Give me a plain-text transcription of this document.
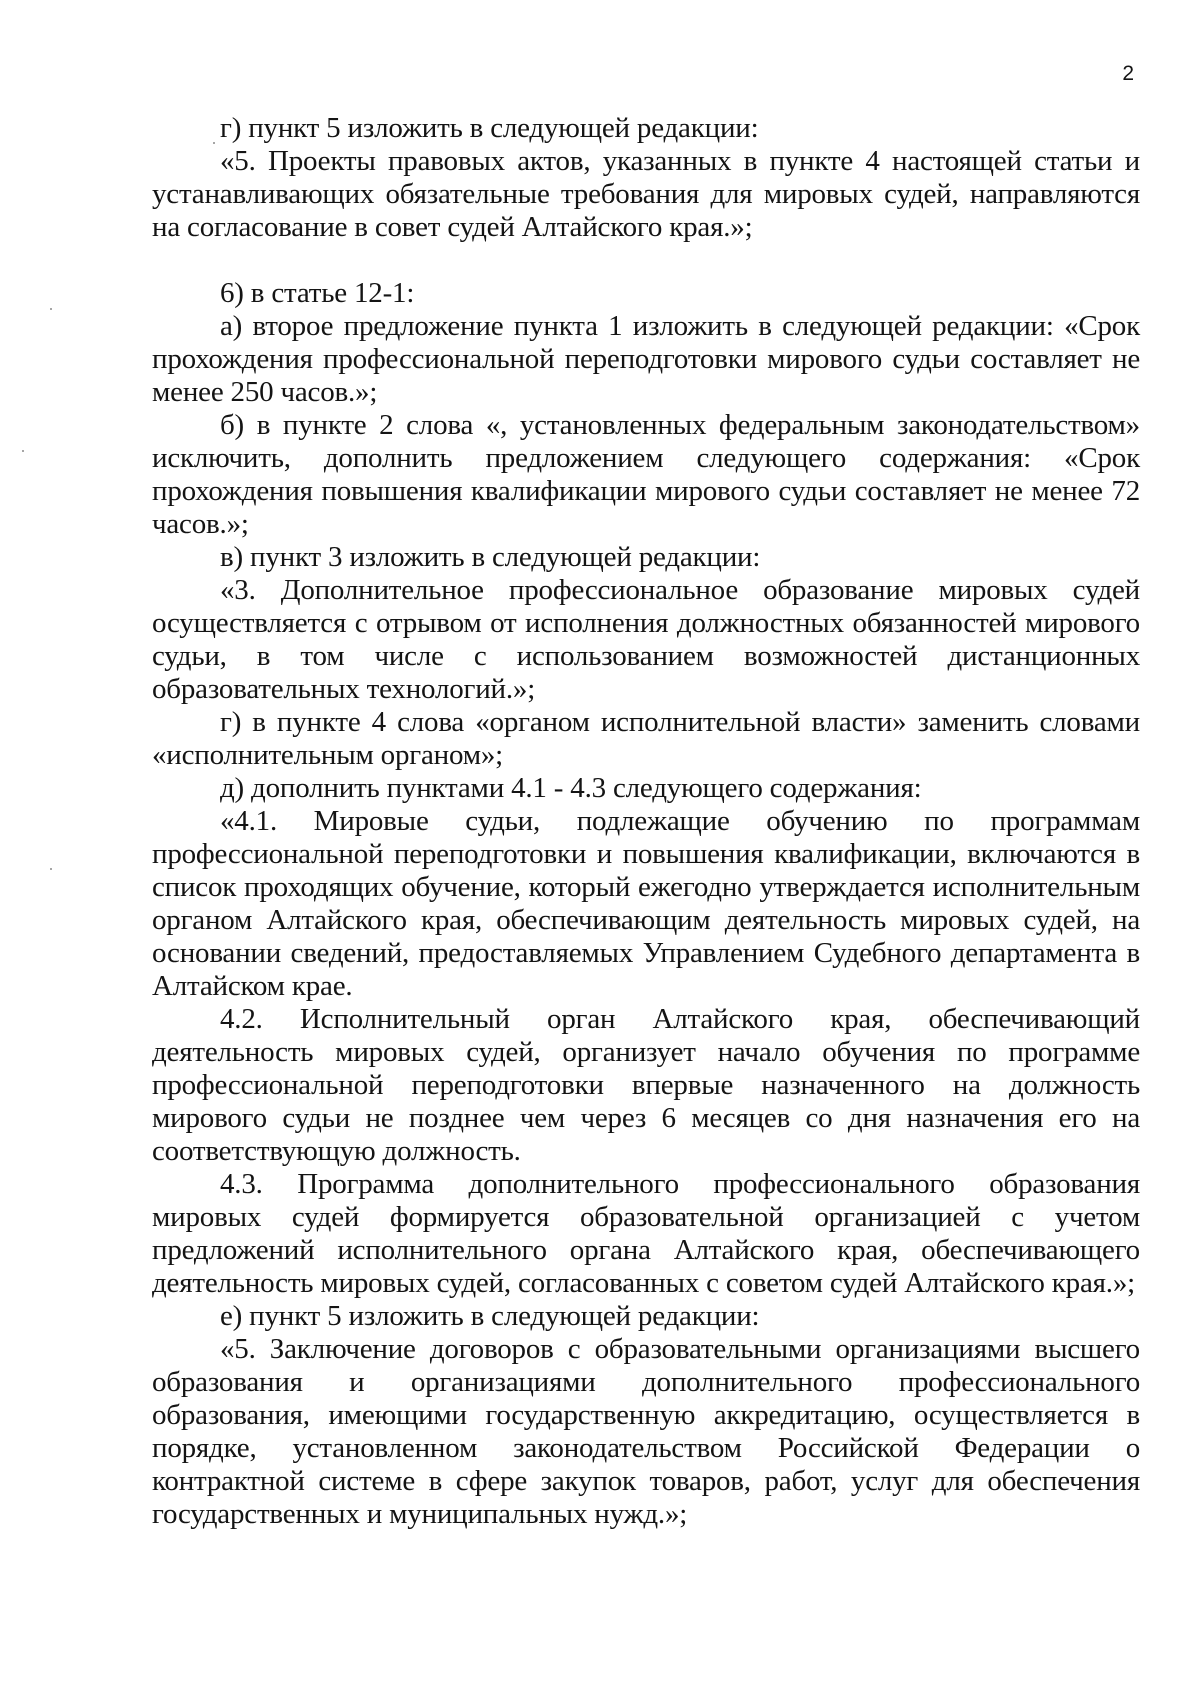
2

г) пункт 5 изложить в следующей редакции:

«5. Проекты правовых актов, указанных в пункте 4 настоящей статьи и устанавливающих обязательные требования для мировых судей, направляются на согласование в совет судей Алтайского края.»;

6) в статье 12-1:

а) второе предложение пункта 1 изложить в следующей редакции: «Срок прохождения профессиональной переподготовки мирового судьи составляет не менее 250 часов.»;

б) в пункте 2 слова «, установленных федеральным законодательством» исключить, дополнить предложением следующего содержания: «Срок прохождения повышения квалификации мирового судьи составляет не менее 72 часов.»;

в) пункт 3 изложить в следующей редакции:

«3. Дополнительное профессиональное образование мировых судей осуществляется с отрывом от исполнения должностных обязанностей мирового судьи, в том числе с использованием возможностей дистанционных образовательных технологий.»;

г) в пункте 4 слова «органом исполнительной власти» заменить словами «исполнительным органом»;

д) дополнить пунктами 4.1 - 4.3 следующего содержания:

«4.1. Мировые судьи, подлежащие обучению по программам профессиональной переподготовки и повышения квалификации, включаются в список проходящих обучение, который ежегодно утверждается исполнительным органом Алтайского края, обеспечивающим деятельность мировых судей, на основании сведений, предоставляемых Управлением Судебного департамента в Алтайском крае.

4.2. Исполнительный орган Алтайского края, обеспечивающий деятельность мировых судей, организует начало обучения по программе профессиональной переподготовки впервые назначенного на должность мирового судьи не позднее чем через 6 месяцев со дня назначения его на соответствующую должность.

4.3. Программа дополнительного профессионального образования мировых судей формируется образовательной организацией с учетом предложений исполнительного органа Алтайского края, обеспечивающего деятельность мировых судей, согласованных с советом судей Алтайского края.»;

е) пункт 5 изложить в следующей редакции:

«5. Заключение договоров с образовательными организациями высшего образования и организациями дополнительного профессионального образования, имеющими государственную аккредитацию, осуществляется в порядке, установленном законодательством Российской Федерации о контрактной системе в сфере закупок товаров, работ, услуг для обеспечения государственных и муниципальных нужд.»;
